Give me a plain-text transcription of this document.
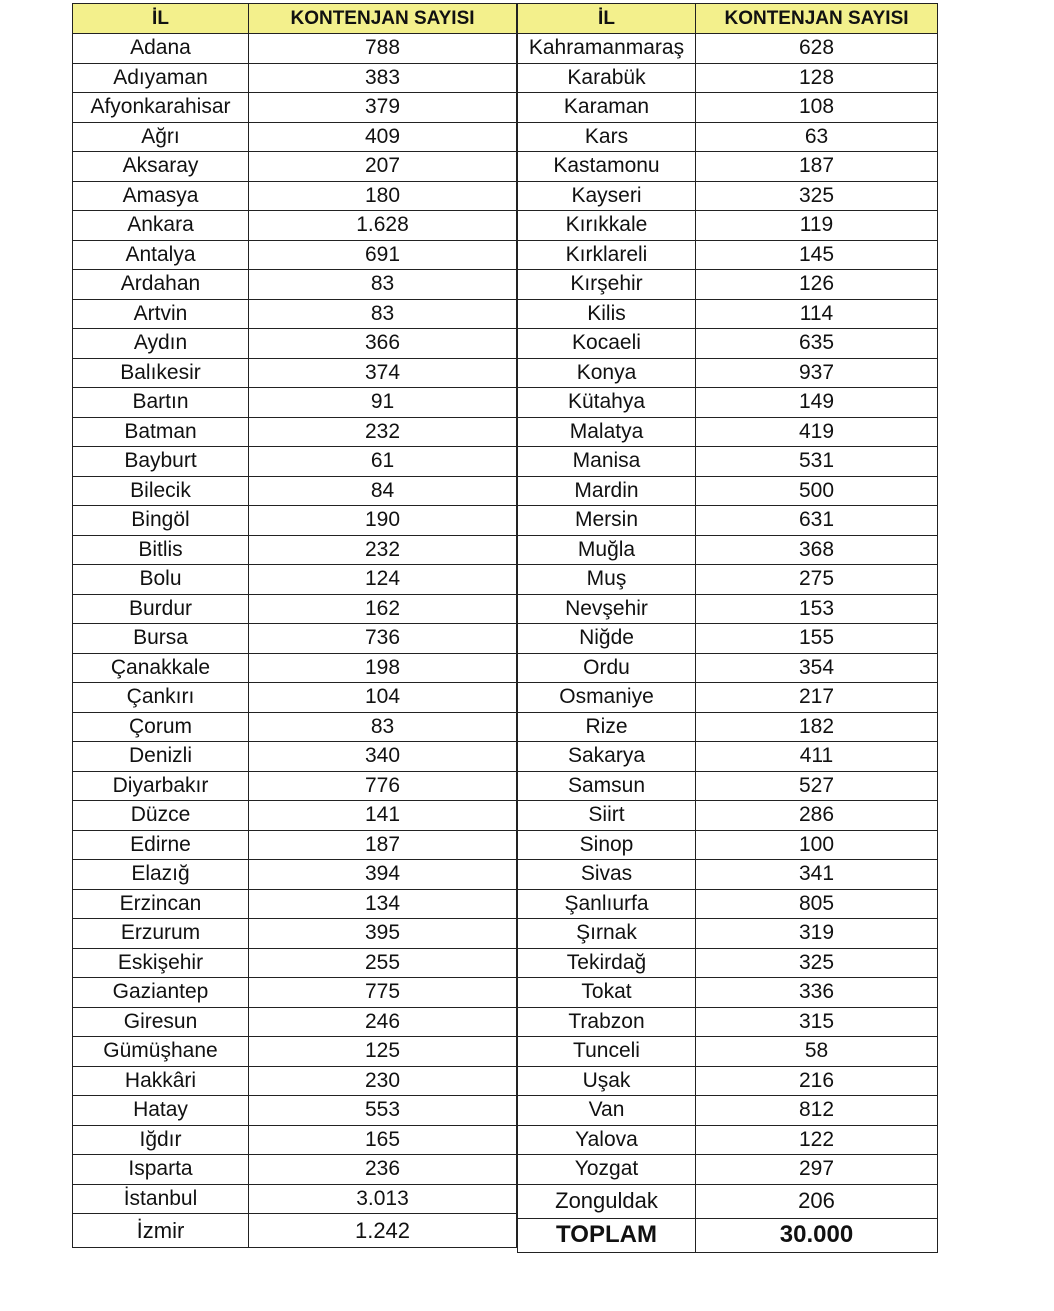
İL	KONTENJAN SAYISI
Adana	788
Adıyaman	383
Afyonkarahisar	379
Ağrı	409
Aksaray	207
Amasya	180
Ankara	1.628
Antalya	691
Ardahan	83
Artvin	83
Aydın	366
Balıkesir	374
Bartın	91
Batman	232
Bayburt	61
Bilecik	84
Bingöl	190
Bitlis	232
Bolu	124
Burdur	162
Bursa	736
Çanakkale	198
Çankırı	104
Çorum	83
Denizli	340
Diyarbakır	776
Düzce	141
Edirne	187
Elazığ	394
Erzincan	134
Erzurum	395
Eskişehir	255
Gaziantep	775
Giresun	246
Gümüşhane	125
Hakkâri	230
Hatay	553
Iğdır	165
Isparta	236
İstanbul	3.013
İzmir	1.242
İL	KONTENJAN SAYISI
Kahramanmaraş	628
Karabük	128
Karaman	108
Kars	63
Kastamonu	187
Kayseri	325
Kırıkkale	119
Kırklareli	145
Kırşehir	126
Kilis	114
Kocaeli	635
Konya	937
Kütahya	149
Malatya	419
Manisa	531
Mardin	500
Mersin	631
Muğla	368
Muş	275
Nevşehir	153
Niğde	155
Ordu	354
Osmaniye	217
Rize	182
Sakarya	411
Samsun	527
Siirt	286
Sinop	100
Sivas	341
Şanlıurfa	805
Şırnak	319
Tekirdağ	325
Tokat	336
Trabzon	315
Tunceli	58
Uşak	216
Van	812
Yalova	122
Yozgat	297
Zonguldak	206
TOPLAM	30.000
